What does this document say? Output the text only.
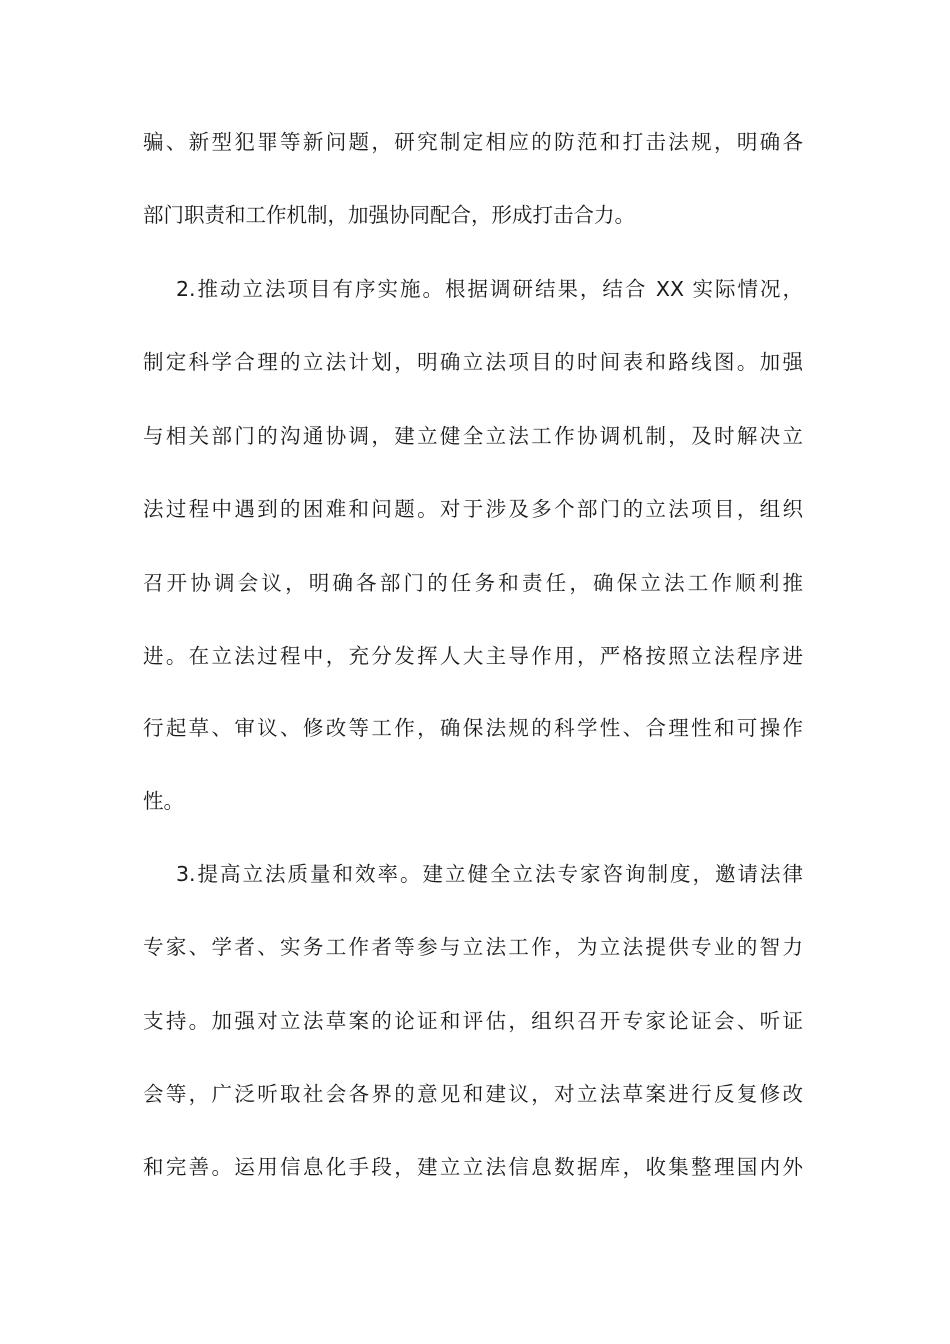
骗、新型犯罪等新问题，研究制定相应的防范和打击法规，明确各
部门职责和工作机制，加强协同配合，形成打击合力。
2.推动立法项目有序实施。根据调研结果，结合 XX 实际情况，
制定科学合理的立法计划，明确立法项目的时间表和路线图。加强
与相关部门的沟通协调，建立健全立法工作协调机制，及时解决立
法过程中遇到的困难和问题。对于涉及多个部门的立法项目，组织
召开协调会议，明确各部门的任务和责任，确保立法工作顺利推
进。在立法过程中，充分发挥人大主导作用，严格按照立法程序进
行起草、审议、修改等工作，确保法规的科学性、合理性和可操作
性。
3.提高立法质量和效率。建立健全立法专家咨询制度，邀请法律
专家、学者、实务工作者等参与立法工作，为立法提供专业的智力
支持。加强对立法草案的论证和评估，组织召开专家论证会、听证
会等，广泛听取社会各界的意见和建议，对立法草案进行反复修改
和完善。运用信息化手段，建立立法信息数据库，收集整理国内外
